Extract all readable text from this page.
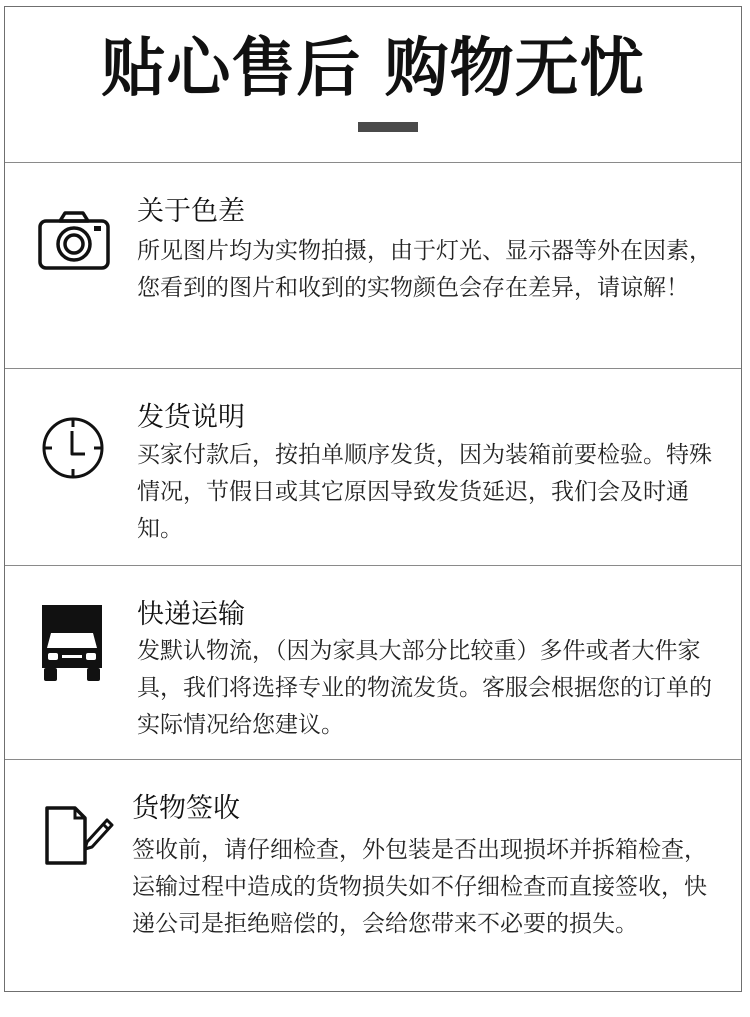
贴心售后 购物无忧
关于色差
所见图片均为实物拍摄，由于灯光、显示器等外在因素，您看到的图片和收到的实物颜色会存在差异，请谅解！
发货说明
买家付款后，按拍单顺序发货，因为装箱前要检验。特殊情况，节假日或其它原因导致发货延迟，我们会及时通知。
快递运输
发默认物流，（因为家具大部分比较重）多件或者大件家具，我们将选择专业的物流发货。客服会根据您的订单的实际情况给您建议。
货物签收
签收前，请仔细检查，外包装是否出现损坏并拆箱检查，运输过程中造成的货物损失如不仔细检查而直接签收，快递公司是拒绝赔偿的，会给您带来不必要的损失。
